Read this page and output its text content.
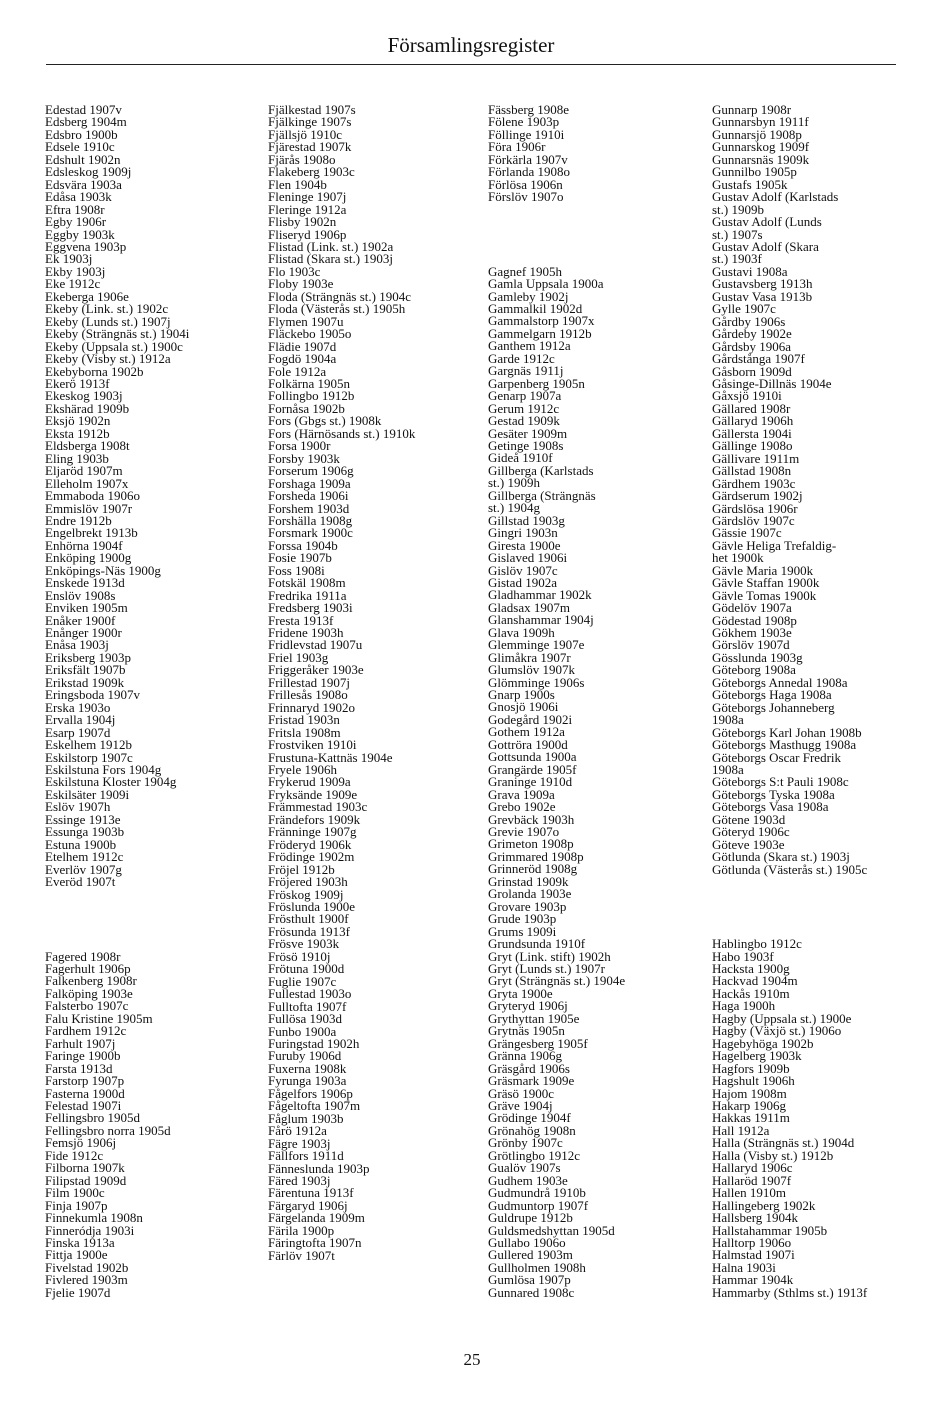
Församlingsregister
Edestad 1907v
Edsberg 1904m
Edsbro 1900b
Edsele 1910c
Edshult 1902n
Edsleskog 1909j
Edsvära 1903a
Edåsa 1903k
Eftra 1908r
Egby 1906r
Eggby 1903k
Eggvena 1903p
Ek 1903j
Ekby 1903j
Eke 1912c
Ekeberga 1906e
Ekeby (Link. st.) 1902c
Ekeby (Lunds st.) 1907j
Ekeby (Strängnäs st.) 1904i
Ekeby (Uppsala st.) 1900c
Ekeby (Visby st.) 1912a
Ekebyborna 1902b
Ekerö 1913f
Ekeskog 1903j
Ekshärad 1909b
Eksjö 1902n
Eksta 1912b
Eldsberga 1908t
Eling 1903b
Eljaröd 1907m
Elleholm 1907x
Emmaboda 1906o
Emmislöv 1907r
Endre 1912b
Engelbrekt 1913b
Enhörna 1904f
Enköping 1900g
Enköpings-Näs 1900g
Enskede 1913d
Enslöv 1908s
Enviken 1905m
Enåker 1900f
Enånger 1900r
Enåsa 1903j
Eriksberg 1903p
Eriksfält 1907b
Erikstad 1909k
Eringsboda 1907v
Erska 1903o
Ervalla 1904j
Esarp 1907d
Eskelhem 1912b
Eskilstorp 1907c
Eskilstuna Fors 1904g
Eskilstuna Kloster 1904g
Eskilsäter 1909i
Eslöv 1907h
Essinge 1913e
Essunga 1903b
Estuna 1900b
Etelhem 1912c
Everlöv 1907g
Everöd 1907t
Fagered 1908r
Fagerhult 1906p
Falkenberg 1908r
Falköping 1903e
Falsterbo 1907c
Falu Kristine 1905m
Fardhem 1912c
Farhult 1907j
Faringe 1900b
Farsta 1913d
Farstorp 1907p
Fasterna 1900d
Felestad 1907i
Fellingsbro 1905d
Fellingsbro norra 1905d
Femsjö 1906j
Fide 1912c
Filborna 1907k
Filipstad 1909d
Film 1900c
Finja 1907p
Finnekumla 1908n
Finneródja 1903i
Finska 1913a
Fittja 1900e
Fivelstad 1902b
Fivlered 1903m
Fjelie 1907d
Fjälkestad 1907s
Fjälkinge 1907s
Fjällsjö 1910c
Fjärestad 1907k
Fjärås 1908o
Flakeberg 1903c
Flen 1904b
Fleninge 1907j
Fleringe 1912a
Flisby 1902n
Fliseryd 1906p
Flistad (Link. st.) 1902a
Flistad (Skara st.) 1903j
Flo 1903c
Floby 1903e
Floda (Strängnäs st.) 1904c
Floda (Västerås st.) 1905h
Flymen 1907u
Fläckebo 1905o
Flädie 1907d
Fogdö 1904a
Fole 1912a
Folkärna 1905n
Follingbo 1912b
Fornåsa 1902b
Fors (Gbgs st.) 1908k
Fors (Härnösands st.) 1910k
Forsa 1900r
Forsby 1903k
Forserum 1906g
Forshaga 1909a
Forsheda 1906i
Forshem 1903d
Forshälla 1908g
Forsmark 1900c
Forssa 1904b
Fosie 1907b
Foss 1908i
Fotskäl 1908m
Fredrika 1911a
Fredsberg 1903i
Fresta 1913f
Fridene 1903h
Fridlevstad 1907u
Friel 1903g
Friggeråker 1903e
Frillestad 1907j
Frillesås 1908o
Frinnaryd 1902o
Fristad 1903n
Fritsla 1908m
Frostviken 1910i
Frustuna-Kattnäs 1904e
Fryele 1906h
Frykerud 1909a
Fryksände 1909e
Främmestad 1903c
Frändefors 1909k
Fränninge 1907g
Fröderyd 1906k
Frödinge 1902m
Fröjel 1912b
Fröjered 1903h
Fröskog 1909j
Fröslunda 1900e
Frösthult 1900f
Frösunda 1913f
Frösve 1903k
Frösö 1910j
Frötuna 1900d
Fuglie 1907c
Fullestad 1903o
Fulltofta 1907f
Fullösa 1903d
Funbo 1900a
Furingstad 1902h
Furuby 1906d
Fuxerna 1908k
Fyrunga 1903a
Fågelfors 1906p
Fågeltofta 1907m
Fåglum 1903b
Fårö 1912a
Fägre 1903j
Fällfors 1911d
Fänneslunda 1903p
Färed 1903j
Färentuna 1913f
Färgaryd 1906j
Färgelanda 1909m
Färila 1900p
Färingtofta 1907n
Färlöv 1907t
Fässberg 1908e
Fölene 1903p
Föllinge 1910i
Föra 1906r
Förkärla 1907v
Förlanda 1908o
Förlösa 1906n
Förslöv 1907o
Gagnef 1905h
Gamla Uppsala 1900a
Gamleby 1902j
Gammalkil 1902d
Gammalstorp 1907x
Gammelgarn 1912b
Ganthem 1912a
Garde 1912c
Gargnäs 1911j
Garpenberg 1905n
Genarp 1907a
Gerum 1912c
Gestad 1909k
Gesäter 1909m
Getinge 1908s
Gideå 1910f
Gillberga (Karlstads
st.) 1909h
Gillberga (Strängnäs
st.) 1904g
Gillstad 1903g
Gingri 1903n
Giresta 1900e
Gislaved 1906i
Gislöv 1907c
Gistad 1902a
Gladhammar 1902k
Gladsax 1907m
Glanshammar 1904j
Glava 1909h
Glemminge 1907e
Glimåkra 1907r
Glumslöv 1907k
Glömminge 1906s
Gnarp 1900s
Gnosjö 1906i
Godegård 1902i
Gothem 1912a
Gottröra 1900d
Gottsunda 1900a
Grangärde 1905f
Graninge 1910d
Grava 1909a
Grebo 1902e
Grevbäck 1903h
Grevie 1907o
Grimeton 1908p
Grimmared 1908p
Grinneröd 1908g
Grinstad 1909k
Grolanda 1903e
Grovare 1903p
Grude 1903p
Grums 1909i
Grundsunda 1910f
Gryt (Link. stift) 1902h
Gryt (Lunds st.) 1907r
Gryt (Strängnäs st.) 1904e
Gryta 1900e
Gryteryd 1906j
Grythyttan 1905e
Grytnäs 1905n
Grängesberg 1905f
Gränna 1906g
Gräsgård 1906s
Gräsmark 1909e
Gräsö 1900c
Gräve 1904j
Grödinge 1904f
Grönahög 1908n
Grönby 1907c
Grötlingbo 1912c
Gualöv 1907s
Gudhem 1903e
Gudmundrå 1910b
Gudmuntorp 1907f
Guldrupe 1912b
Guldsmedshyttan 1905d
Gullabo 1906o
Gullered 1903m
Gullholmen 1908h
Gumlösa 1907p
Gunnared 1908c
Gunnarp 1908r
Gunnarsbyn 1911f
Gunnarsjö 1908p
Gunnarskog 1909f
Gunnarsnäs 1909k
Gunnilbo 1905p
Gustafs 1905k
Gustav Adolf (Karlstads
st.) 1909b
Gustav Adolf (Lunds
st.) 1907s
Gustav Adolf (Skara
st.) 1903f
Gustavi 1908a
Gustavsberg 1913h
Gustav Vasa 1913b
Gylle 1907c
Gårdby 1906s
Gårdeby 1902e
Gårdsby 1906a
Gårdstånga 1907f
Gåsborn 1909d
Gåsinge-Dillnäs 1904e
Gåxsjö 1910i
Gällared 1908r
Gällaryd 1906h
Gällersta 1904i
Gällinge 1908o
Gällivare 1911m
Gällstad 1908n
Gärdhem 1903c
Gärdserum 1902j
Gärdslösa 1906r
Gärdslöv 1907c
Gässie 1907c
Gävle Heliga Trefaldig-
het 1900k
Gävle Maria 1900k
Gävle Staffan 1900k
Gävle Tomas 1900k
Gödelöv 1907a
Gödestad 1908p
Gökhem 1903e
Görslöv 1907d
Gösslunda 1903g
Göteborg 1908a
Göteborgs Annedal 1908a
Göteborgs Haga 1908a
Göteborgs Johanneberg
1908a
Göteborgs Karl Johan 1908b
Göteborgs Masthugg 1908a
Göteborgs Oscar Fredrik
1908a
Göteborgs S:t Pauli 1908c
Göteborgs Tyska 1908a
Göteborgs Vasa 1908a
Götene 1903d
Göteryd 1906c
Göteve 1903e
Götlunda (Skara st.) 1903j
Götlunda (Västerås st.) 1905c
Hablingbo 1912c
Habo 1903f
Hacksta 1900g
Hackvad 1904m
Hackås 1910m
Haga 1900h
Hagby (Uppsala st.) 1900e
Hagby (Växjö st.) 1906o
Hagebyhöga 1902b
Hagelberg 1903k
Hagfors 1909b
Hagshult 1906h
Hajom 1908m
Hakarp 1906g
Hakkas 1911m
Hall 1912a
Halla (Strängnäs st.) 1904d
Halla (Visby st.) 1912b
Hallaryd 1906c
Hallaröd 1907f
Hallen 1910m
Hallingeberg 1902k
Hallsberg 1904k
Hallstahammar 1905b
Halltorp 1906o
Halmstad 1907i
Halna 1903i
Hammar 1904k
Hammarby (Sthlms st.) 1913f
25
